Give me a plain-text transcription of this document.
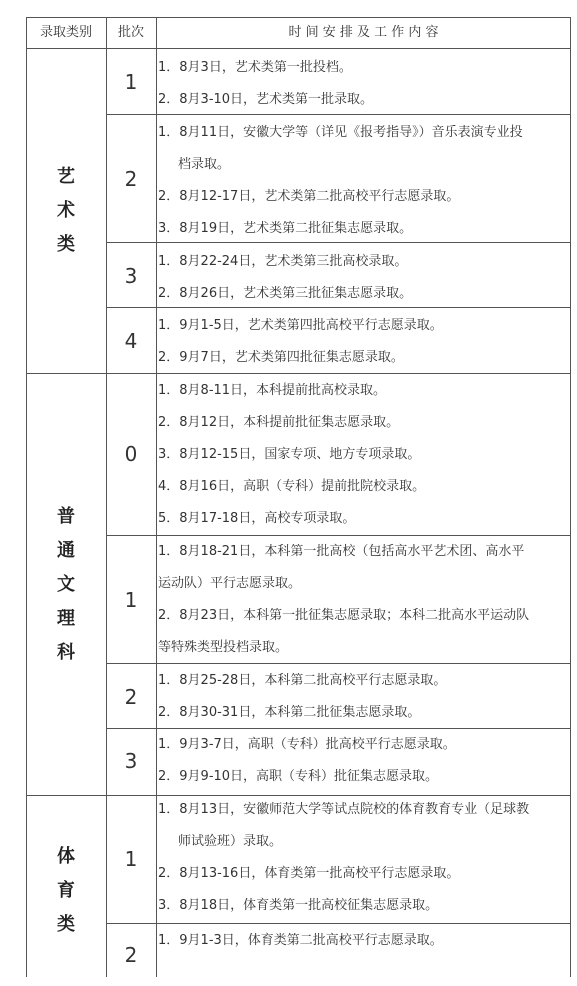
录取类别	批次	时 间 安 排 及 工 作 内 容
艺
术
类
普
通
文
理
科
体
育
类
1
2
3
4
0
1
2
3
1
2
1．8月3日，艺术类第一批投档。
2．8月3-10日，艺术类第一批录取。
1．8月11日，安徽大学等（详见《报考指导》）音乐表演专业投
档录取。
2．8月12-17日，艺术类第二批高校平行志愿录取。
3．8月19日，艺术类第二批征集志愿录取。
1．8月22-24日，艺术类第三批高校录取。
2．8月26日，艺术类第三批征集志愿录取。
1．9月1-5日，艺术类第四批高校平行志愿录取。
2．9月7日，艺术类第四批征集志愿录取。
1．8月8-11日，本科提前批高校录取。
2．8月12日，本科提前批征集志愿录取。
3．8月12-15日，国家专项、地方专项录取。
4．8月16日，高职（专科）提前批院校录取。
5．8月17-18日，高校专项录取。
1．8月18-21日，本科第一批高校（包括高水平艺术团、高水平
运动队）平行志愿录取。
2．8月23日，本科第一批征集志愿录取；本科二批高水平运动队
等特殊类型投档录取。
1．8月25-28日，本科第二批高校平行志愿录取。
2．8月30-31日，本科第二批征集志愿录取。
1．9月3-7日，高职（专科）批高校平行志愿录取。
2．9月9-10日，高职（专科）批征集志愿录取。
1．8月13日，安徽师范大学等试点院校的体育教育专业（足球教
师试验班）录取。
2．8月13-16日，体育类第一批高校平行志愿录取。
3．8月18日，体育类第一批高校征集志愿录取。
1．9月1-3日，体育类第二批高校平行志愿录取。
